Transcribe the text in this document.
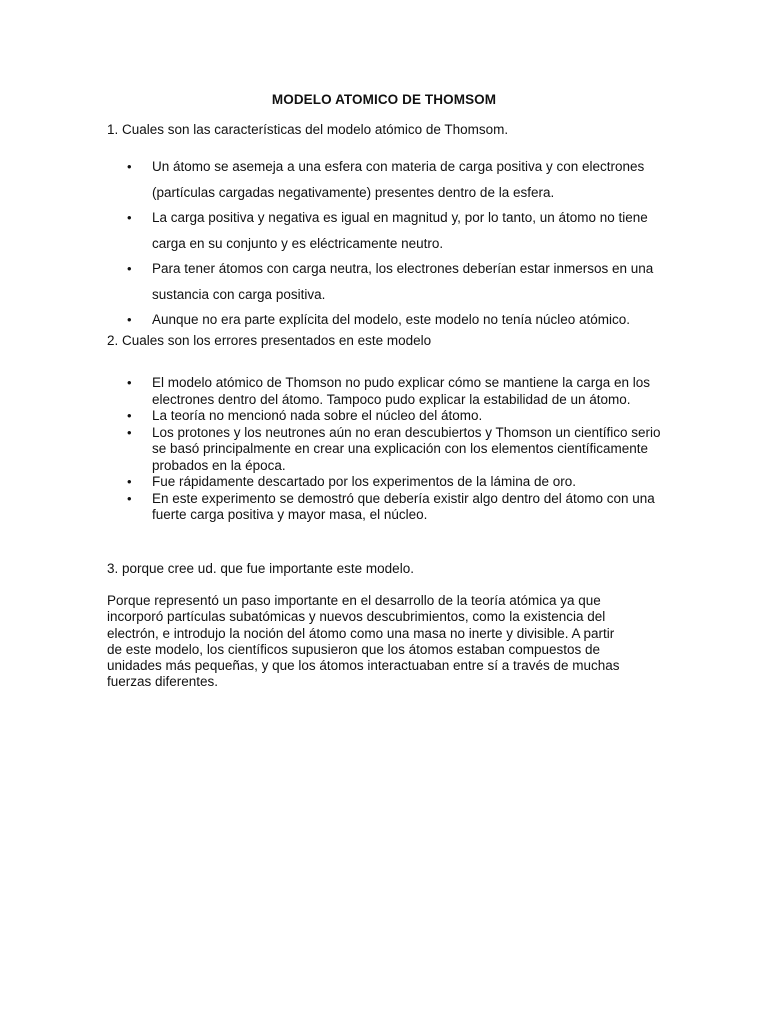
MODELO ATOMICO DE THOMSOM
1. Cuales son las características del modelo atómico de Thomsom.
• Un átomo se asemeja a una esfera con materia de carga positiva y con electrones (partículas cargadas negativamente) presentes dentro de la esfera.
• La carga positiva y negativa es igual en magnitud y, por lo tanto, un átomo no tiene carga en su conjunto y es eléctricamente neutro.
• Para tener átomos con carga neutra, los electrones deberían estar inmersos en una sustancia con carga positiva.
• Aunque no era parte explícita del modelo, este modelo no tenía núcleo atómico.
2. Cuales son los errores presentados en este modelo
• El modelo atómico de Thomson no pudo explicar cómo se mantiene la carga en los electrones dentro del átomo. Tampoco pudo explicar la estabilidad de un átomo.
• La teoría no mencionó nada sobre el núcleo del átomo.
• Los protones y los neutrones aún no eran descubiertos y Thomson un científico serio se basó principalmente en crear una explicación con los elementos científicamente probados en la época.
• Fue rápidamente descartado por los experimentos de la lámina de oro.
• En este experimento se demostró que debería existir algo dentro del átomo con una fuerte carga positiva y mayor masa, el núcleo.
3. porque cree ud. que fue importante este modelo.
Porque representó un paso importante en el desarrollo de la teoría atómica ya que incorporó partículas subatómicas y nuevos descubrimientos, como la existencia del electrón, e introdujo la noción del átomo como una masa no inerte y divisible. A partir de este modelo, los científicos supusieron que los átomos estaban compuestos de unidades más pequeñas, y que los átomos interactuaban entre sí a través de muchas fuerzas diferentes.
